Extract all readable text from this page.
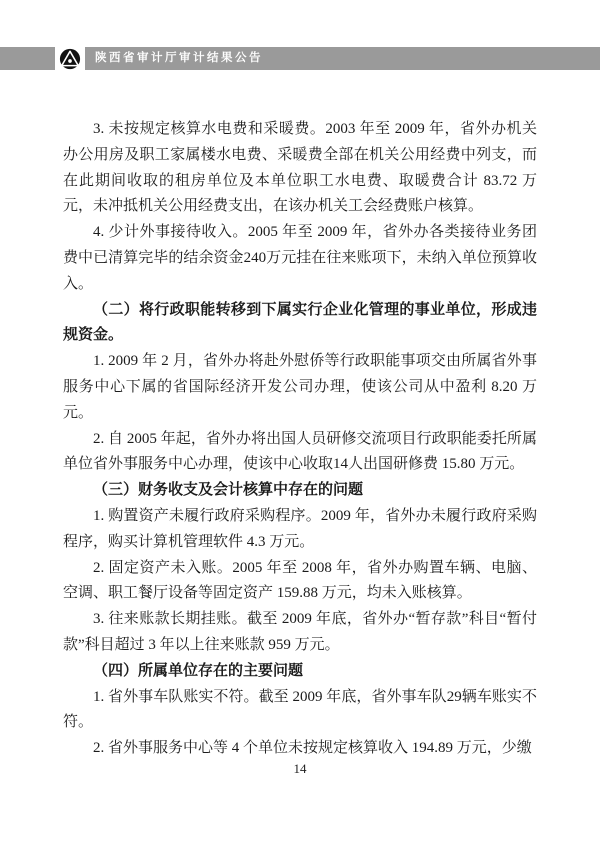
陕西省审计厅审计结果公告

3. 未按规定核算水电费和采暖费。2003 年至 2009 年，省外办机关办公用房及职工家属楼水电费、采暖费全部在机关公用经费中列支，而在此期间收取的租房单位及本单位职工水电费、取暖费合计 83.72 万元，未冲抵机关公用经费支出，在该办机关工会经费账户核算。

4. 少计外事接待收入。2005 年至 2009 年，省外办各类接待业务团费中已清算完毕的结余资金240万元挂在往来账项下，未纳入单位预算收入。

（二）将行政职能转移到下属实行企业化管理的事业单位，形成违规资金。

1. 2009 年 2 月，省外办将赴外慰侨等行政职能事项交由所属省外事服务中心下属的省国际经济开发公司办理，使该公司从中盈利 8.20 万元。

2. 自 2005 年起，省外办将出国人员研修交流项目行政职能委托所属单位省外事服务中心办理，使该中心收取14人出国研修费 15.80 万元。

（三）财务收支及会计核算中存在的问题

1. 购置资产未履行政府采购程序。2009 年，省外办未履行政府采购程序，购买计算机管理软件 4.3 万元。

2. 固定资产未入账。2005 年至 2008 年，省外办购置车辆、电脑、空调、职工餐厅设备等固定资产 159.88 万元，均未入账核算。

3. 往来账款长期挂账。截至 2009 年底，省外办“暂存款”科目“暂付款”科目超过 3 年以上往来账款 959 万元。

（四）所属单位存在的主要问题

1. 省外事车队账实不符。截至 2009 年底，省外事车队29辆车账实不符。

2. 省外事服务中心等 4 个单位未按规定核算收入 194.89 万元，少缴

14
